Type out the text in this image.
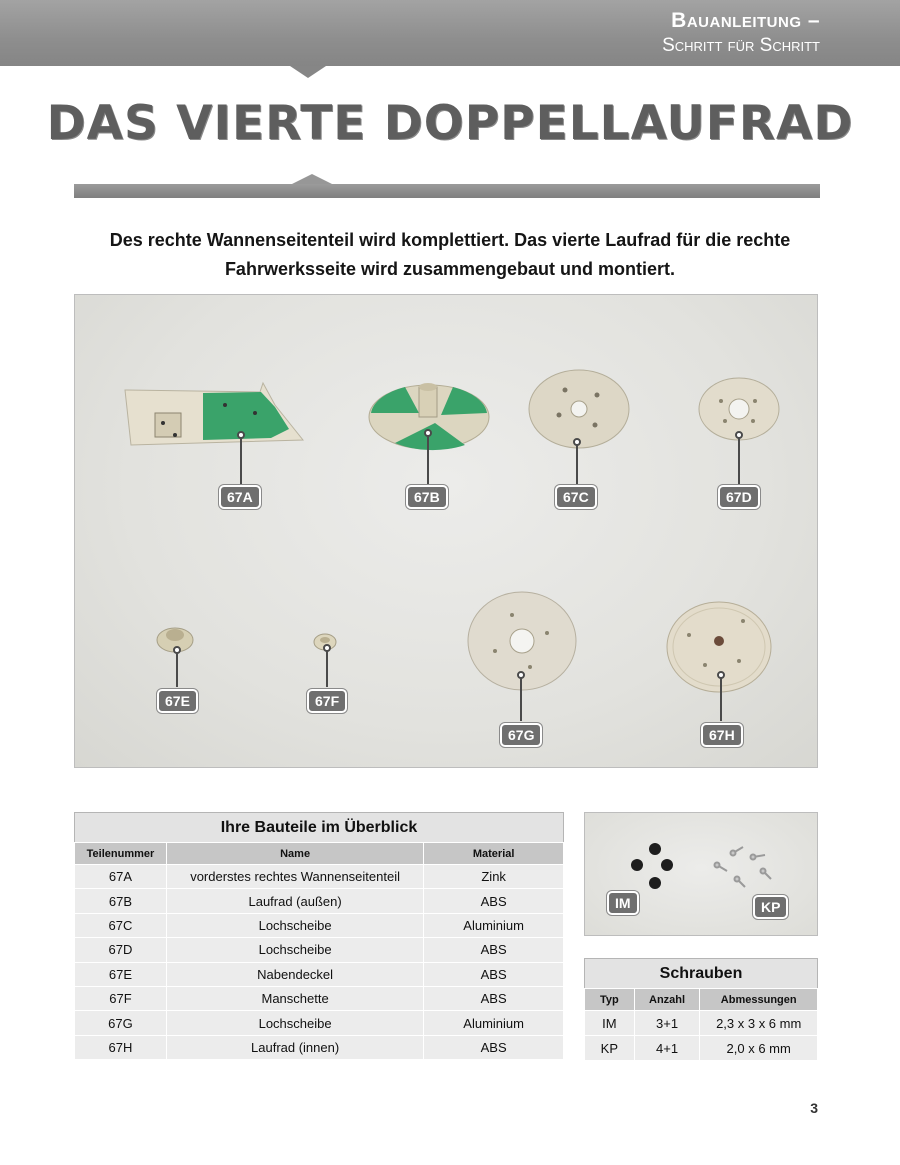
Bauanleitung –
Schritt für Schritt
DAS VIERTE DOPPELLAUFRAD
Des rechte Wannenseitenteil wird komplettiert. Das vierte Laufrad für die rechte Fahrwerksseite wird zusammengebaut und montiert.
67A	67B	67C	67D
67E	67F
67G	67H
Ihre Bauteile im Überblick
Teilenummer	Name	Material
67A	vorderstes rechtes Wannenseitenteil	Zink
67B	Laufrad (außen)	ABS
67C	Lochscheibe	Aluminium
67D	Lochscheibe	ABS
67E	Nabendeckel	ABS
67F	Manschette	ABS
67G	Lochscheibe	Aluminium
67H	Laufrad (innen)	ABS
IM	KP
Schrauben
Typ	Anzahl	Abmessungen
IM	3+1	2,3 x 3 x 6 mm
KP	4+1	2,0 x 6 mm
3
